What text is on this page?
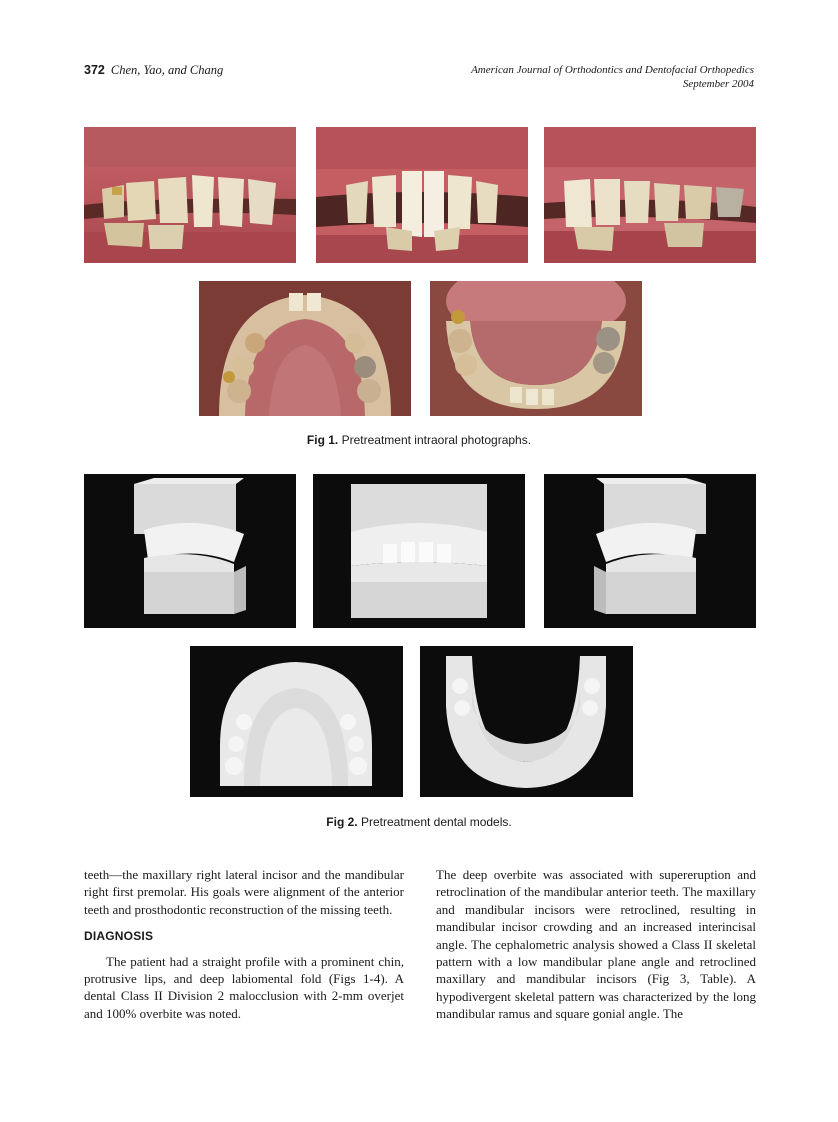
372 Chen, Yao, and Chang	American Journal of Orthodontics and Dentofacial Orthopedics
September 2004
Fig 1. Pretreatment intraoral photographs.
Fig 2. Pretreatment dental models.

teeth—the maxillary right lateral incisor and the mandibular right first premolar. His goals were alignment of the anterior teeth and prosthodontic reconstruction of the missing teeth.

DIAGNOSIS

The patient had a straight profile with a prominent chin, protrusive lips, and deep labiomental fold (Figs 1-4). A dental Class II Division 2 malocclusion with 2-mm overjet and 100% overbite was noted.

The deep overbite was associated with supereruption and retroclination of the mandibular anterior teeth. The maxillary and mandibular incisors were retroclined, resulting in mandibular incisor crowding and an increased interincisal angle. The cephalometric analysis showed a Class II skeletal pattern with a low mandibular plane angle and retroclined maxillary and mandibular incisors (Fig 3, Table). A hypodivergent skeletal pattern was characterized by the long mandibular ramus and square gonial angle. The
